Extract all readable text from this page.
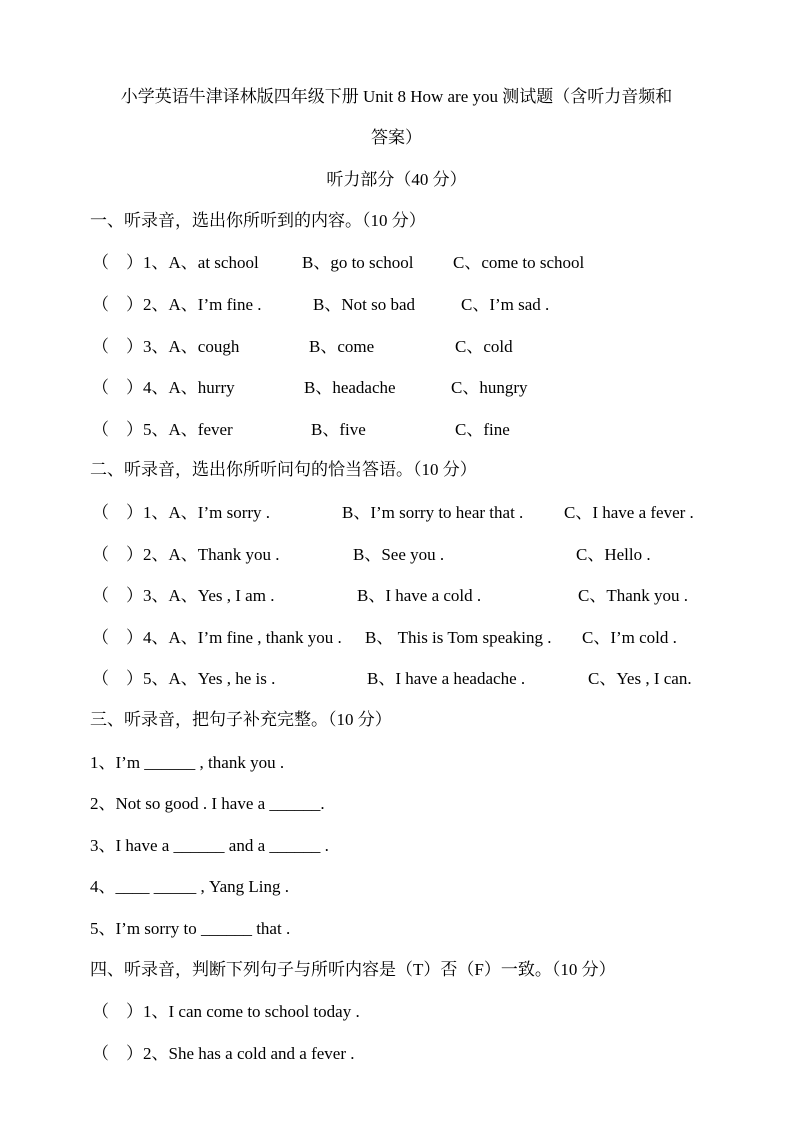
小学英语牛津译林版四年级下册 Unit 8 How are you 测试题（含听力音频和
答案）
听力部分（40 分）
一、听录音，选出你所听到的内容。（10 分）
二、听录音，选出你所听问句的恰当答语。（10 分）
三、听录音，把句子补充完整。（10 分）
四、听录音，判断下列句子与所听内容是（T）否（F）一致。（10 分）
（　）1、A、at school	B、go to school C、come to school
（　）2、A、I’m fine .	B、Not so bad	C、I’m sad .
（　）3、A、cough	B、come	C、cold
（　）4、A、hurry	B、headache	C、hungry
（　）5、A、fever	B、five	C、fine
（　）1、A、I’m sorry .	B、I’m sorry to hear that . C、I have a fever .
（　）2、A、Thank you .	B、See you .	C、Hello .
（　）3、A、Yes , I am .	B、I have a cold .	C、Thank you .
（　）4、A、I’m fine , thank you . B、 This is Tom speaking . C、I’m cold .
（　）5、A、Yes , he is .	B、I have a headache .	C、Yes , I can.
1、I’m ______ , thank you .
2、Not so good . I have a ______.
3、I have a ______ and a ______ .
4、____ _____ , Yang Ling .
5、I’m sorry to ______ that .
（　）1、I can come to school today .
（　）2、She has a cold and a fever .
